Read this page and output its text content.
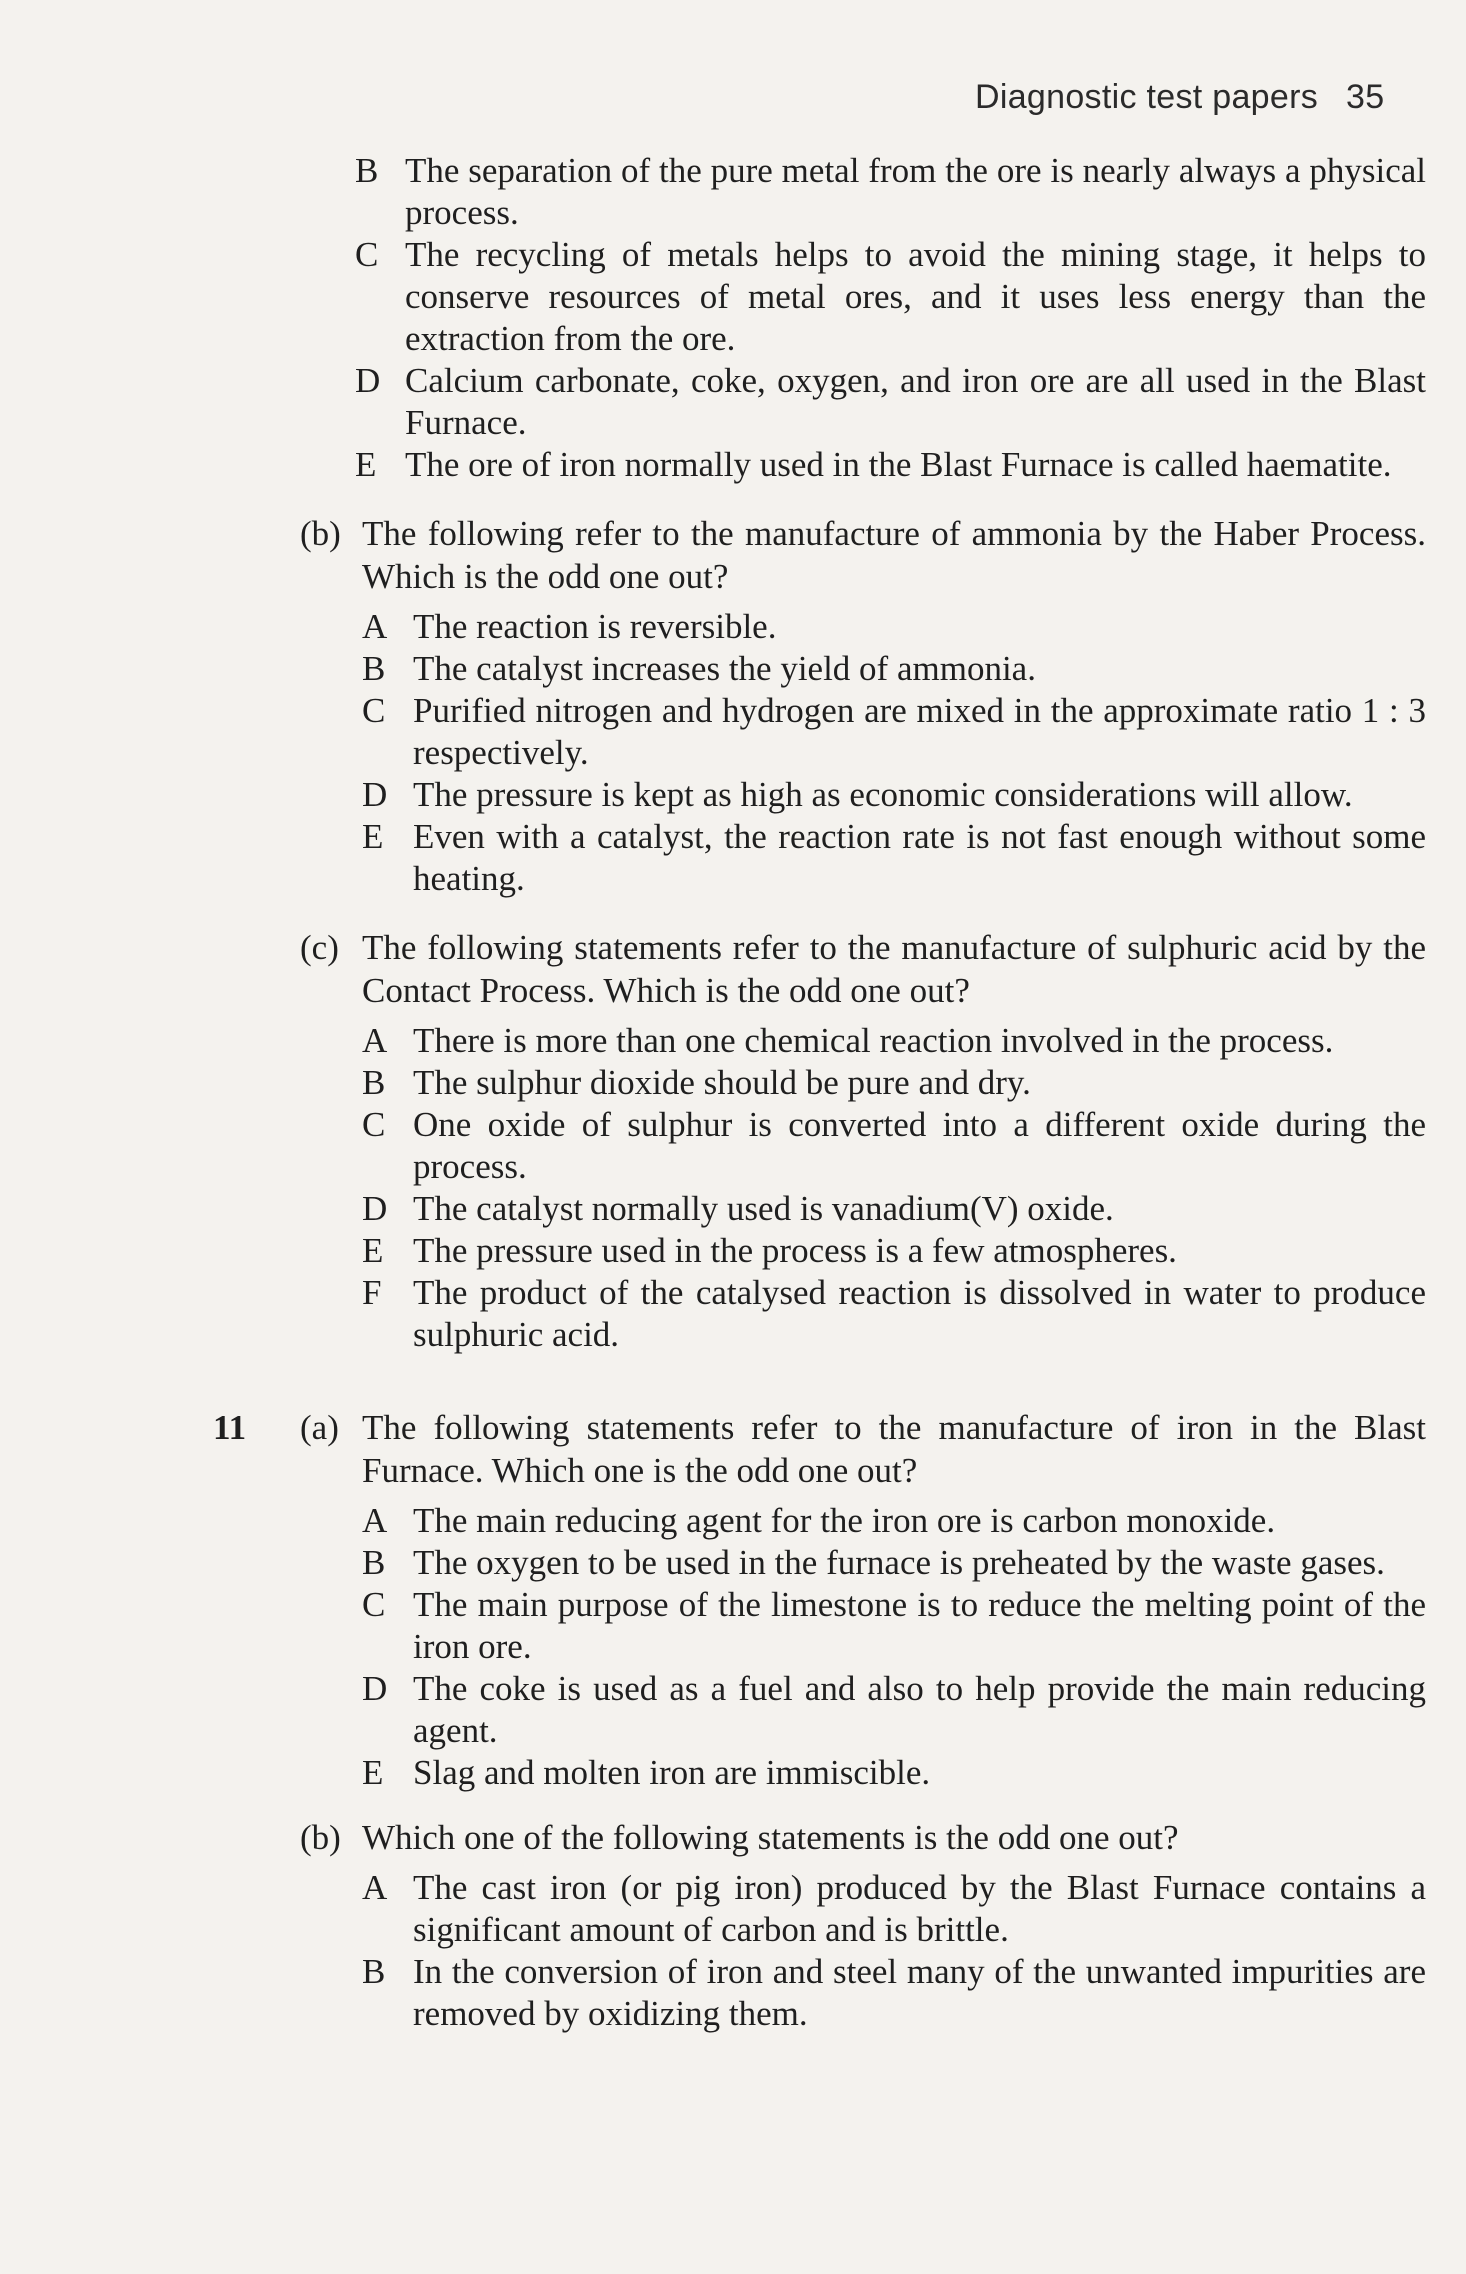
Diagnostic test papers 35
B The separation of the pure metal from the ore is nearly always a physical process.
C The recycling of metals helps to avoid the mining stage, it helps to conserve resources of metal ores, and it uses less energy than the extraction from the ore.
D Calcium carbonate, coke, oxygen, and iron ore are all used in the Blast Furnace.
E The ore of iron normally used in the Blast Furnace is called haematite.
(b) The following refer to the manufacture of ammonia by the Haber Process. Which is the odd one out?
A The reaction is reversible.
B The catalyst increases the yield of ammonia.
C Purified nitrogen and hydrogen are mixed in the approximate ratio 1 : 3 respectively.
D The pressure is kept as high as economic considerations will allow.
E Even with a catalyst, the reaction rate is not fast enough without some heating.
(c) The following statements refer to the manufacture of sulphuric acid by the Contact Process. Which is the odd one out?
A There is more than one chemical reaction involved in the process.
B The sulphur dioxide should be pure and dry.
C One oxide of sulphur is converted into a different oxide during the process.
D The catalyst normally used is vanadium(V) oxide.
E The pressure used in the process is a few atmospheres.
F The product of the catalysed reaction is dissolved in water to produce sulphuric acid.
11 (a) The following statements refer to the manufacture of iron in the Blast Furnace. Which one is the odd one out?
A The main reducing agent for the iron ore is carbon monoxide.
B The oxygen to be used in the furnace is preheated by the waste gases.
C The main purpose of the limestone is to reduce the melting point of the iron ore.
D The coke is used as a fuel and also to help provide the main reducing agent.
E Slag and molten iron are immiscible.
(b) Which one of the following statements is the odd one out?
A The cast iron (or pig iron) produced by the Blast Furnace contains a significant amount of carbon and is brittle.
B In the conversion of iron and steel many of the unwanted impurities are removed by oxidizing them.
